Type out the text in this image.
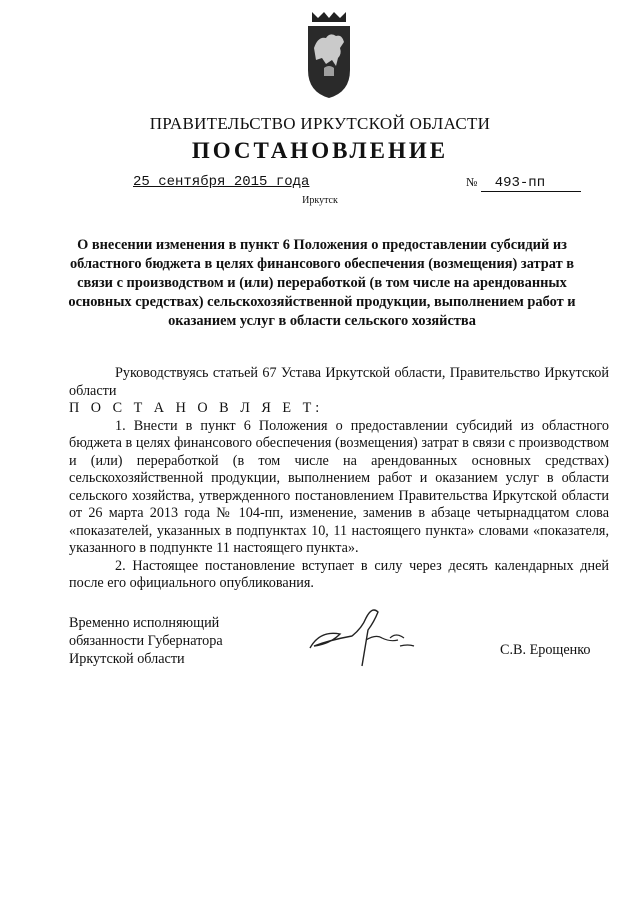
ПРАВИТЕЛЬСТВО ИРКУТСКОЙ ОБЛАСТИ
ПОСТАНОВЛЕНИЕ
25 сентября 2015 года	№ 493-пп
Иркутск
О внесении изменения в пункт 6 Положения о предоставлении субсидий из областного бюджета в целях финансового обеспечения (возмещения) затрат в связи с производством и (или) переработкой (в том числе на арендованных основных средствах) сельскохозяйственной продукции, выполнением работ и оказанием услуг в области сельского хозяйства

Руководствуясь статьей 67 Устава Иркутской области, Правительство Иркутской области

П О С Т А Н О В Л Я Е Т:

1. Внести в пункт 6 Положения о предоставлении субсидий из областного бюджета в целях финансового обеспечения (возмещения) затрат в связи с производством и (или) переработкой (в том числе на арендованных основных средствах) сельскохозяйственной продукции, выполнением работ и оказанием услуг в области сельского хозяйства, утвержденного постановлением Правительства Иркутской области от 26 марта 2013 года № 104-пп, изменение, заменив в абзаце четырнадцатом слова «показателей, указанных в подпунктах 10, 11 настоящего пункта» словами «показателя, указанного в подпункте 11 настоящего пункта».

2. Настоящее постановление вступает в силу через десять календарных дней после его официального опубликования.

Временно исполняющий
обязанности Губернатора
Иркутской области
С.В. Ерощенко
